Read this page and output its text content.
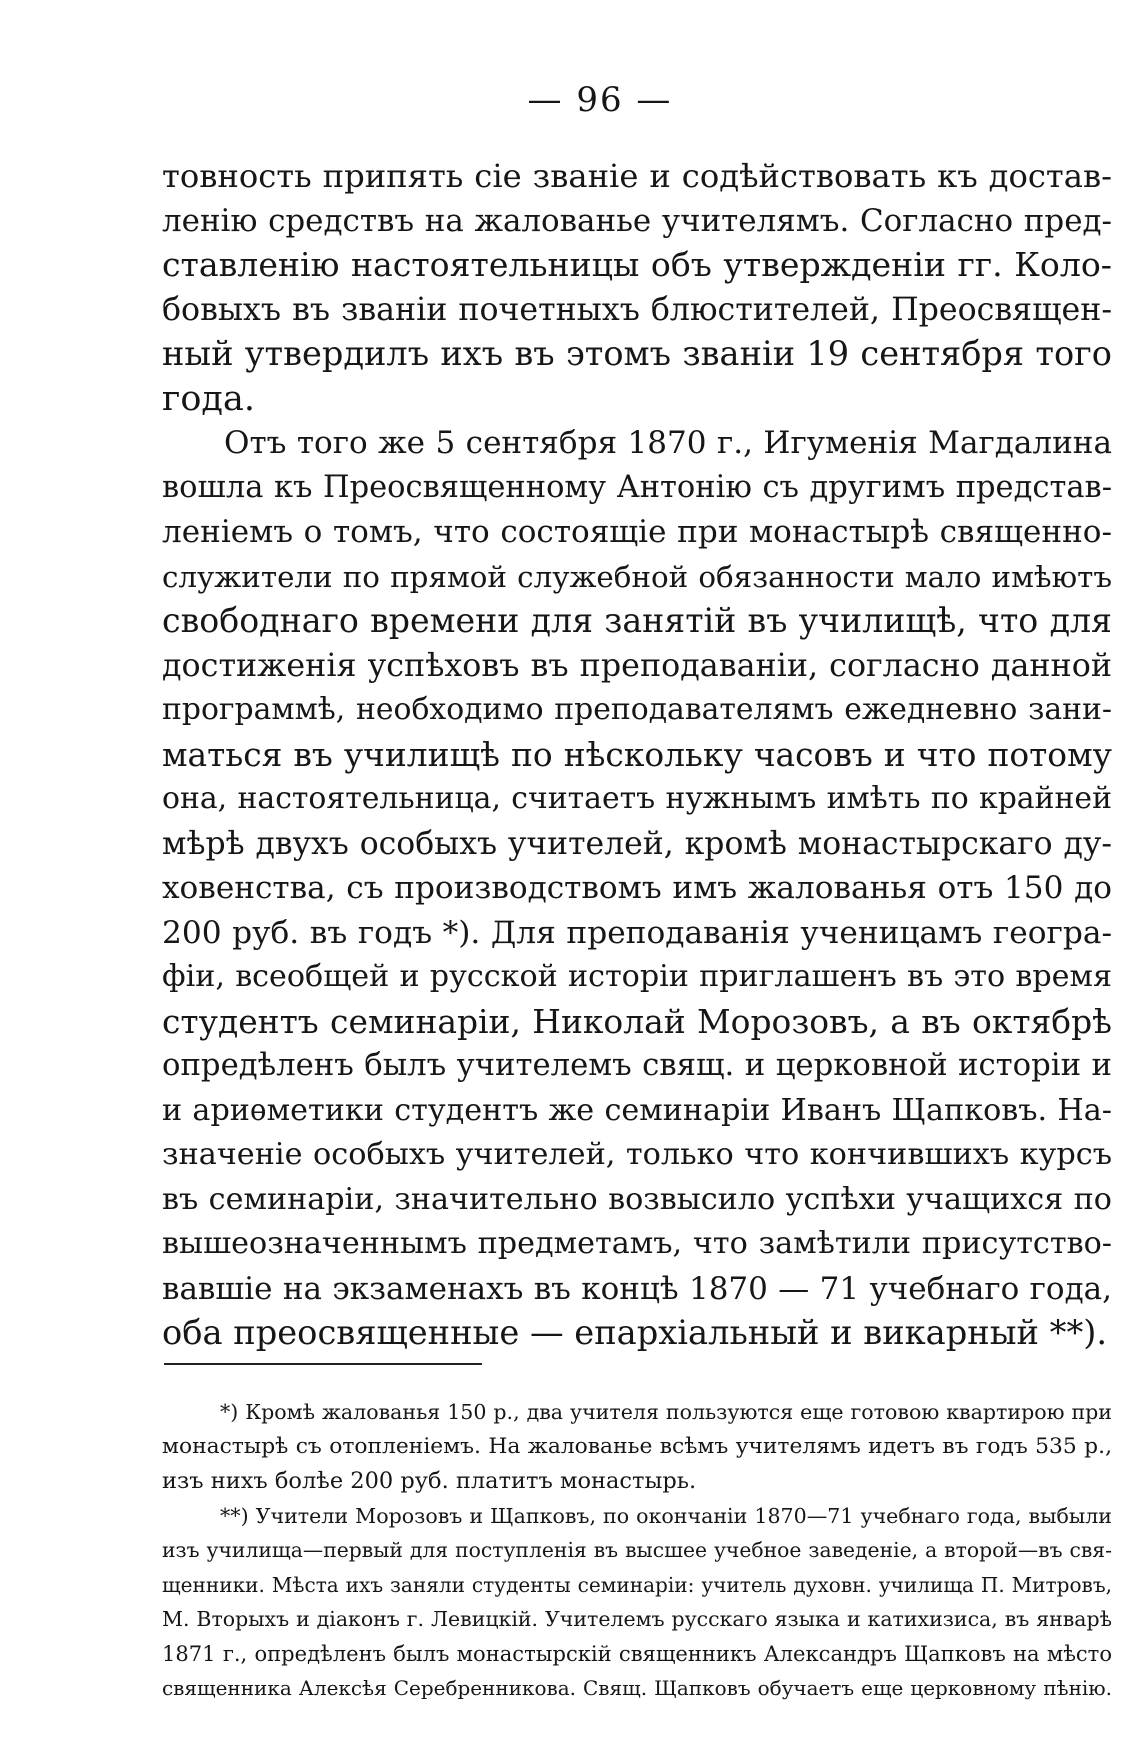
— 96 —
товность припять сіе званіе и содѣйствовать къ достав-
ленію средствъ на жалованье учителямъ. Согласно пред-
ставленію настоятельницы объ утвержденіи гг. Коло-
бовыхъ въ званіи почетныхъ блюстителей, Преосвящен-
ный утвердилъ ихъ въ этомъ званіи 19 сентября того
года.
Отъ того же 5 сентября 1870 г., Игуменія Магдалина
вошла къ Преосвященному Антонію съ другимъ представ-
леніемъ о томъ, что состоящіе при монастырѣ священно-
служители по прямой служебной обязанности мало имѣютъ
свободнаго времени для занятій въ училищѣ, что для
достиженія успѣховъ въ преподаваніи, согласно данной
программѣ, необходимо преподавателямъ ежедневно зани-
маться въ училищѣ по нѣскольку часовъ и что потому
она, настоятельница, считаетъ нужнымъ имѣть по крайней
мѣрѣ двухъ особыхъ учителей, кромѣ монастырскаго ду-
ховенства, съ производствомъ имъ жалованья отъ 150 до
200 руб. въ годъ *). Для преподаванія ученицамъ геогра-
фіи, всеобщей и русской исторіи приглашенъ въ это время
студентъ семинаріи, Николай Морозовъ, а въ октябрѣ
опредѣленъ былъ учителемъ свящ. и церковной исторіи и
и ариѳметики студентъ же семинаріи Иванъ Щапковъ. На-
значеніе особыхъ учителей, только что кончившихъ курсъ
въ семинаріи, значительно возвысило успѣхи учащихся по
вышеозначеннымъ предметамъ, что замѣтили присутство-
вавшіе на экзаменахъ въ концѣ 1870 — 71 учебнаго года,
оба преосвященные — епархіальный и викарный **).
*) Кромѣ жалованья 150 р., два учителя пользуются еще готовою квартирою при
монастырѣ съ отопленіемъ. На жалованье всѣмъ учителямъ идетъ въ годъ 535 р.,
изъ нихъ болѣе 200 руб. платитъ монастырь.
**) Учители Морозовъ и Щапковъ, по окончаніи 1870—71 учебнаго года, выбыли
изъ училища—первый для поступленія въ высшее учебное заведеніе, а второй—въ свя-
щенники. Мѣста ихъ заняли студенты семинаріи: учитель духовн. училища П. Митровъ,
М. Вторыхъ и діаконъ г. Левицкій. Учителемъ русскаго языка и катихизиса, въ январѣ
1871 г., опредѣленъ былъ монастырскій священникъ Александръ Щапковъ на мѣсто
священника Алексѣя Серебренникова. Свящ. Щапковъ обучаетъ еще церковному пѣнію.
